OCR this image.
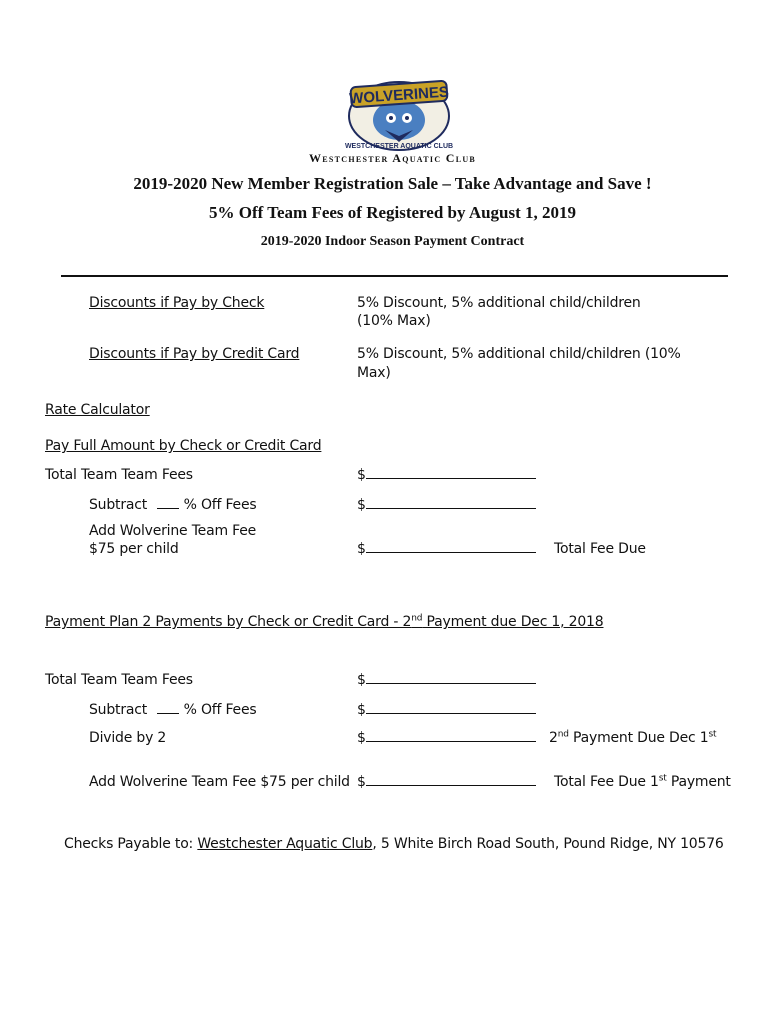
WOLVERINES
WESTCHESTER AQUATIC CLUB
Westchester Aquatic Club
2019-2020 New Member Registration Sale – Take Advantage and Save !
5% Off Team Fees of Registered by August 1, 2019
2019-2020 Indoor Season Payment Contract
Discounts if Pay by Check	5% Discount, 5% additional child/children
(10% Max)
Discounts if Pay by Credit Card	5% Discount, 5% additional child/children (10%
Max)
Rate Calculator
Pay Full Amount by Check or Credit Card
Total Team Team Fees	$
Subtract	% Off Fees	$
Add Wolverine Team Fee
$75 per child	$	Total Fee Due
Payment Plan 2 Payments by Check or Credit Card - 2nd Payment due Dec 1, 2018
Total Team Team Fees	$
Subtract	% Off Fees	$
Divide by 2	$	2nd Payment Due Dec 1st
Add Wolverine Team Fee $75 per child $	Total Fee Due 1st Payment
Checks Payable to: Westchester Aquatic Club, 5 White Birch Road South, Pound Ridge, NY 10576
